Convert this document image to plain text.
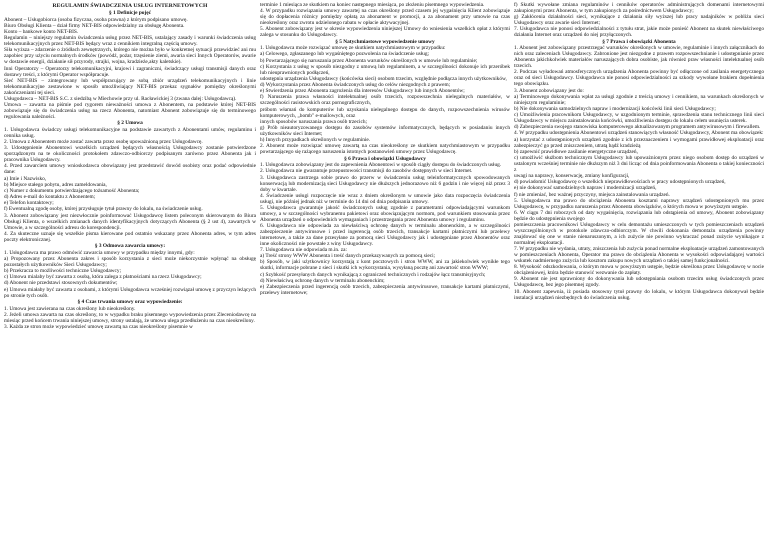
REGULAMIN ŚWIADCZENIA USŁUG INTERNETOWYCH
§ 1 Definicje pojęć

Abonent – Usługobiorca (osoba fizyczna, osoba prawna) z którym podpisano umowę.

Biuro Obsługi Klienta – dział firmy NET-BIS odpowiedzialny za obsługę Abonenta.

Konto – bankowe konto NET-BIS.

Regulamin – niniejszy regulamin świadczenia usług przez NET-BIS, ustalający zasady i warunki świadczenia usług telekomunikacyjnych przez NET-BIS będący wraz z cennikiem integralną częścią umowy.

Siła wyższa – zdarzenie o źródłach zewnętrznych, którego nie można było w konkretnej sytuacji przewidzieć ani mu zapobiec przy użyciu normalnych środków (powódź, pożar, trzęsienie ziemi, awaria sieci Innych Operatorów, awarie w dostawie energii, działanie sił przyrody, strajki, wojna, kradzieże,akty kaletskie).

Inni Operatorzy – Operatorzy telekomunikacyjni, krajowi i zagraniczni, świadczący usługi transmisji danych oraz dostawy treści, z którymi Operator współpracuje.

Sieć NET-BIS – zintegrowany lub współpracujący ze sobą zbiór urządzeń telekomunikacyjnych i linie telekomunikacyjne zestawione w sposób umożliwiający NET-BIS przekaz sygnałów pomiędzy określonymi zakończeniami tej sieci.

Usługodawca – NET-BIS S.C. z siedzibą w Miechowie przy ul. Racławickiej 3 (zwana dalej: Usługodawcą).

Umowa – zawarta na piśmie pod rygorem nieważności umowa z Abonentem, na podstawie której NET-BIS zobowiązuje się do świadczenia usług na rzecz Abonenta, natomiast Abonent zobowiązuje się do terminowego regulowania należności.

§ 2 Umowa

1. Usługodawca świadczy usługi telekomunikacyjne na podstawie zawartych z Abonentami umów, regulaminu i cennika usług.

2. Umowa z Abonentem może zostać zawarta przez osobę upoważnioną przez Usługodawcę.

3. Udostępnienie Abonentowi wszelkich urządzeń będących własnością Usługodawcy zostanie potwierdzone sporządzonym na te okoliczności protokołem zdawczo-odbiorczy podpisanym zarówno przez Abonenta jak i pracownika Usługodawcy.

4. Przed zawarciem umowy wnioskodawca obowiązany jest przedstawić dowód osobisty oraz podać odpowiednie dane:

a) Imie i Nazwisko,

b) Miejsce stałego pobytu, adres zameldowania,

c) Numer z dokumentu potwierdzającego tożsamość Abonenta;

d) Adres e-mail do kontaktu z Abonentem;

e) Telefon kontaktowy;

f) Ewentualną zgodę osoby, której przysługuje tytuł prawny do lokalu, na świadczenie usług.

3. Abonent zobowiązany jest niezwłocznie poinformować Usługodawcę listem poleconym skierowanym do Biura Obsługi Klienta, o wszelkich zmianach danych identyfikacyjnych dotyczących Abonenta (§ 2 ust 4), zawartych w Umowie, a w szczególności adresu do korespondencji.

4. Za skuteczne uznaje się wszelkie pisma kierowane pod ostatnio wskazany przez Abonenta adres, w tym adres poczty elektronicznej.

§ 3 Odmowa zawarcia umowy:

1. Usługodawca ma prawo odmówić zawarcia umowy w przypadku między innymi, gdy:

a) Propozowany przez Abonenta zakres i sposób korzystania z sieci może niekorzystnie wpłynąć na obsługę pozostałych użytkowników Sieci Usługodawcy;

b) Przekracza to możliwości techniczne Usługodawcy;

c) Umowa mialaby być zawarta z osobą, która zalega z płatnościami na rzecz Usługodawcy;

d) Abonent nie przedstawi stosownych dokumentów;

e) Umowa miałaby być zawarta z osobami, z którymi Usługodawca wcześniej rozwiązał umowę z przyczyn leżących po stronie tych osób.

§ 4 Czas trwania umowy oraz wypowiedzenie:

1. Umowa jest zawierana na czas określony lub nieokreślony.

2. Jeżeli umowa zawarta na czas określony, to w wypadku braku pisemnego wypowiedzenia przez Zleceniodawcę na miesiąc przed końcem trwania niniejszej umowy, strony ustalają, że umowa ulega przedłużeniu na czas nieokreślony.

3. Każda ze stron może wypowiedzieć umowę zawartą na czas nieokreślony pisemnie w

terminie 1 miesiąca ze skutkiem na koniec następnego miesiąca, po złożeniu pisemnego wypowiedzenia.

4. W przypadku rozwiązania umowy zawartej na czas określony przed czasem jej wygaśnięcia Klient zobowiązuje się do dopłacenia różnicy pomiędzy opłatą za abonament w promocji, a za abonament przy umowie na czas nieokreślony oraz zwrotu udzielonego rabatu w opłacie aktywacyjnej.

5. Abonent zobowiązany jest w okresie wypowiedzenia niniejszej Umowy do wniesienia wszelkich opłat z którymi zalega w stosunku do Usługodawcy.

§ 5 Natychmiastowe wypowiedzenie umowy

1. Usługodawca może rozwiązać umowę ze skutkiem natychmiastowym w przypadku:

a) Celowego, zgłaszanego lub wygaśniętego pozwolenia na świadczenie usług;

b) Powtarzającego się naruszania przez Abonenta warunków określonych w umowie lub regulaminie;

c) Korzystania z usług w sposób niezgodny z umową lub regulaminem, a w szczególności dokonuje ich przeróbek lub nieuprawnionych podłączeń,

udostępnia urządzenia Usługodawcy (końcówka sieci) osobom trzecim, względnie podłącza innych użytkowników,

d) Wykorzystania przez Abonenta świadczonych usług do celów niezgodnych z prawem;

e) Stwierdzenia przez Abonenta zagrożenia dla interesów Usługodawcy lub innych Abonentów;

f) Naruszenia prawa własności intelektualnej osób trzecich, rozpowszechnia nielegalnych materiałów, w szczególności rasistowskich oraz pornograficznych,

próbom włamań do komputerów lub uzyskania nielegalnego dostępu do danych, rozpowszechnienia wirusów komputerowych, „bomb" e-mailowych, oraz

innych sposobów naruszania prawa osób trzecich;

g) Prób nieautoryzowanego dostępu do zasobów systemów informatycznych, będących w posiadaniu innych użytkowników sieci Internet;

h) Innych przypadkach określonych w regulaminie.

2. Abonent może rozwiązać umowę zawartą na czas nieokreślony ze skutkiem natychmiastowym w przypadku powtarzającego się rażącego naruszenia istotnych postanowień umowy przez Usługodawcę.

§ 6 Prawa i obowiązki Usługodawcy

1. Usługodawca zobowiązany jest do zapewnienia Abonentowi w sposób ciągły dostępu do świadczonych usług.

2. Usługodawca nie gwarantuje przepustowości transmisji do zasobów dostępnych w sieci Internet.

3. Usługodawca zastrzega sobie prawo do przerw w świadczeniu usług teleinformatycznych spowodowanych konserwacją lub modernizacją sieci Usługodawcy nie dłuższych jednorazowo niż 6 godzin i nie więcej niż przez 3 doby w kwartale.

4. Świadczenie usługi rozpoczęcie nie wraz z dniem określonym w umowie jako data rozpoczęcia świadczenia usługi, nie później jednak niż w terminie do 14 dni od dnia podpisania umowy.

5. Usługodawca gwarantuje jakość świadczonych usług zgodnie z parametrami odpowiadającymi warunkom umowy, a w szczególności wybranemu pakietowi oraz obowiązującym normom, pod warunkiem stosowania przez Abonenta urządzeń o odpowiednich wymaganiach i przestrzegania przez Abonenta umowy i regulaminu.

6. Usługodawca nie odpowiada za niewłaściwą ochronę danych w terminalu abonenckim, a w szczególności zabezpieczenie antywirusowe i przed ingerencją osób trzecich, transakcje kartami płatniczymi lub przelewy internetowe, a także za dane przesyłane za pomocą sieci Usługodawcy jak i udostępniane przez Abonentów oraz inne okoliczności nie powstałe z winy Usługodawcy.

7. Usługodawca nie odpowiada m.in. za:

a) Treść strony WWW Abonenta i treść danych przekazywanych za pomocą sieci;

b) Sposób, w jaki użytkownicy korzystają z kont pocztowych i stron WWW, ani za jakiekolwiek wynikłe tego skutki, informacje pobrane z sieci i skutki ich wykorzystania, wysyłaną pocztę ani zawartość stron WWW;

c) Szybkość przesyłanych danych wynikającą z ograniczeń technicznych i rodzajów łącz transmisyjnych;

d) Niewłaściwą ochronę danych w terminalu abonenckim;

e) Zabezpieczenia przed ingerencją osób trzecich, zabezpieczenia antywirusowe, transakcje kartami płatniczymi, przelewy internetowe;

f) Skutki wywołane zmiana regulaminów i cenników operatorów administrujących domenami internetowymi zakupionymi przez Abonenta, w tym zakupionych za pośrednictwem Usługodawcy;

g) Zakłócenia działalności sieci, wynikające z działania siły wyższej lub pracy nadajników w pobliżu sieci Usługodawcy oraz awarie sieci Internet;

7. Usługodawca nie ponosi odpowiedzialności z tytułu strat, jakie może ponieść Abonent na skutek niewłaściwego działania Internet oraz urządzeń do niej przyłączonych.

§ 7 Prawa i obowiązki Abonenta

1. Abonent jest zobowiązany przestrzegać warunków określonych w umowie, regulaminie i innych załącznikach do nich oraz zaleceniach Usługodawcy. Zabronione jest niezgodne z prawem rozpowszechnianie i udostępnianie przez Abonenta jakichkolwiek materiałów naruszających dobra osobiste, jak również praw własności intelektualnej osób trzecich.

2. Podczas wyładowań atmosferycznych urządzenia Abonenta powinny być odłączone od zasilania energetycznego oraz od sieci Usługodawcy. Usługodawca nie ponosi odpowiedzialności za szkody wywołane brakiem dopełnienia tego obowiązku.

3. Abonent zobowiązany jest do:

a) Terminowego dokonywania wpłat za usługi zgodnie z treścią umowy i cennikiem, na warunkach określonych w niniejszym regulaminie;

b) Nie dokonywania samodzielnych napraw i modernizacji końcówki linii sieci Usługodawcy;

c) Umożliwienia pracownikom Usługodawcy, w uzgodnionym terminie, sprawdzenia stanu technicznego linii sieci Usługodawcy w miejscu zainstalowania końcówki, umożliwienia dostępu do lokalu celem usunięcia usterek.

d) Zabezpieczenia swojego stanowiska komputerowego aktualizowanym programem antywirusowym i firewallem.

4. W przypadku udostępnienia Abonentowi urządzeń stanowiących własność Usługodawcy, Abonent ma obowiązek:

a) korzystać z udostępnionych urządzeń zgodnie z ich przeznaczeniem i wymogami prawidłowej eksploatacji oraz zabezpieczyć go przed zniszczeniem, utratą bądź kradzieżą

b) zapewnić prawidłowe zasilanie energetyczne urządzeń,

c) umożliwić służbom technicznym Usługodawcy lub upoważnionym przez niego osobom dostęp do urządzeń w ustalonym wcześniej terminie nie dłuższym niż 3 dni licząc od dnia poinformowania Abonenta o takiej konieczności z

uwagi na naprawy, konserwację, zmiany konfiguracji,

d) powiadomić Usługodawcę o wszelkich nieprawidłowościach w pracy udostępnionych urządzeń,

e) nie dokonywać samodzielnych napraw i modernizacji urządzeń,

f) nie zmieniać, bez ważnej przyczyny, miejsca zainstalowania urządzeń.

5. Usługodawca ma prawo do obciążenia Abonenta kosztami naprawy urządzeń udostępnionych mu przez Usługodawcę, w przypadku naruszenia przez Abonenta obowiązków, o których mowa w powyższym ustępie.

6. W ciągu 7 dni roboczych od daty wygaśnięcia, rozwiązania lub odstąpienia od umowy, Abonent zobowiązany będzie do udostępnienia swojego

pomieszczenia pracownikowi Usługodawcy w celu demontażu umieszczonych w tych pomieszczeniach urządzeń wyszczególnionych w protokole zdawczo-odbiorczym. W chwili dokonania demontażu urządzenia powinny znajdować się one w stanie nienaruszonym, a ich zużycie nie powinno wykraczać ponad zużycie wynikające z normalnej eksploatacji.

7. W przypadku nie wydania, utraty, zniszczenia lub zużycia ponad normalne eksploatacje urządzeń zamontowanych w pomieszczeniach Abonenta, Operator ma prawo do obciążenia Abonenta w wysokości odpowiadającej wartości wskutek nadmiernego zużycia lub kosztom zakupu nowych urządzeń o takiej samej funkcjonalności.

8. Wysokość odszkodowania, o którym mowa w powyższym ustępie, będzie określona przez Usługodawcę w nocie obciążeniowej, która będzie stanowić wezwanie do zapłaty.

9. Abonent nie jest uprawniony do dokonywania lub udostępniania osobom trzecim usług świadczonych przez Usługodawcę, bez jego pisemnej zgody.

10. Abonent zapewnia, iż posiada stosowny tytuł prawny do lokalu, w którym Usługodawca dokonywał będzie instalacji urządzeń niezbędnych do świadczenia usług.
